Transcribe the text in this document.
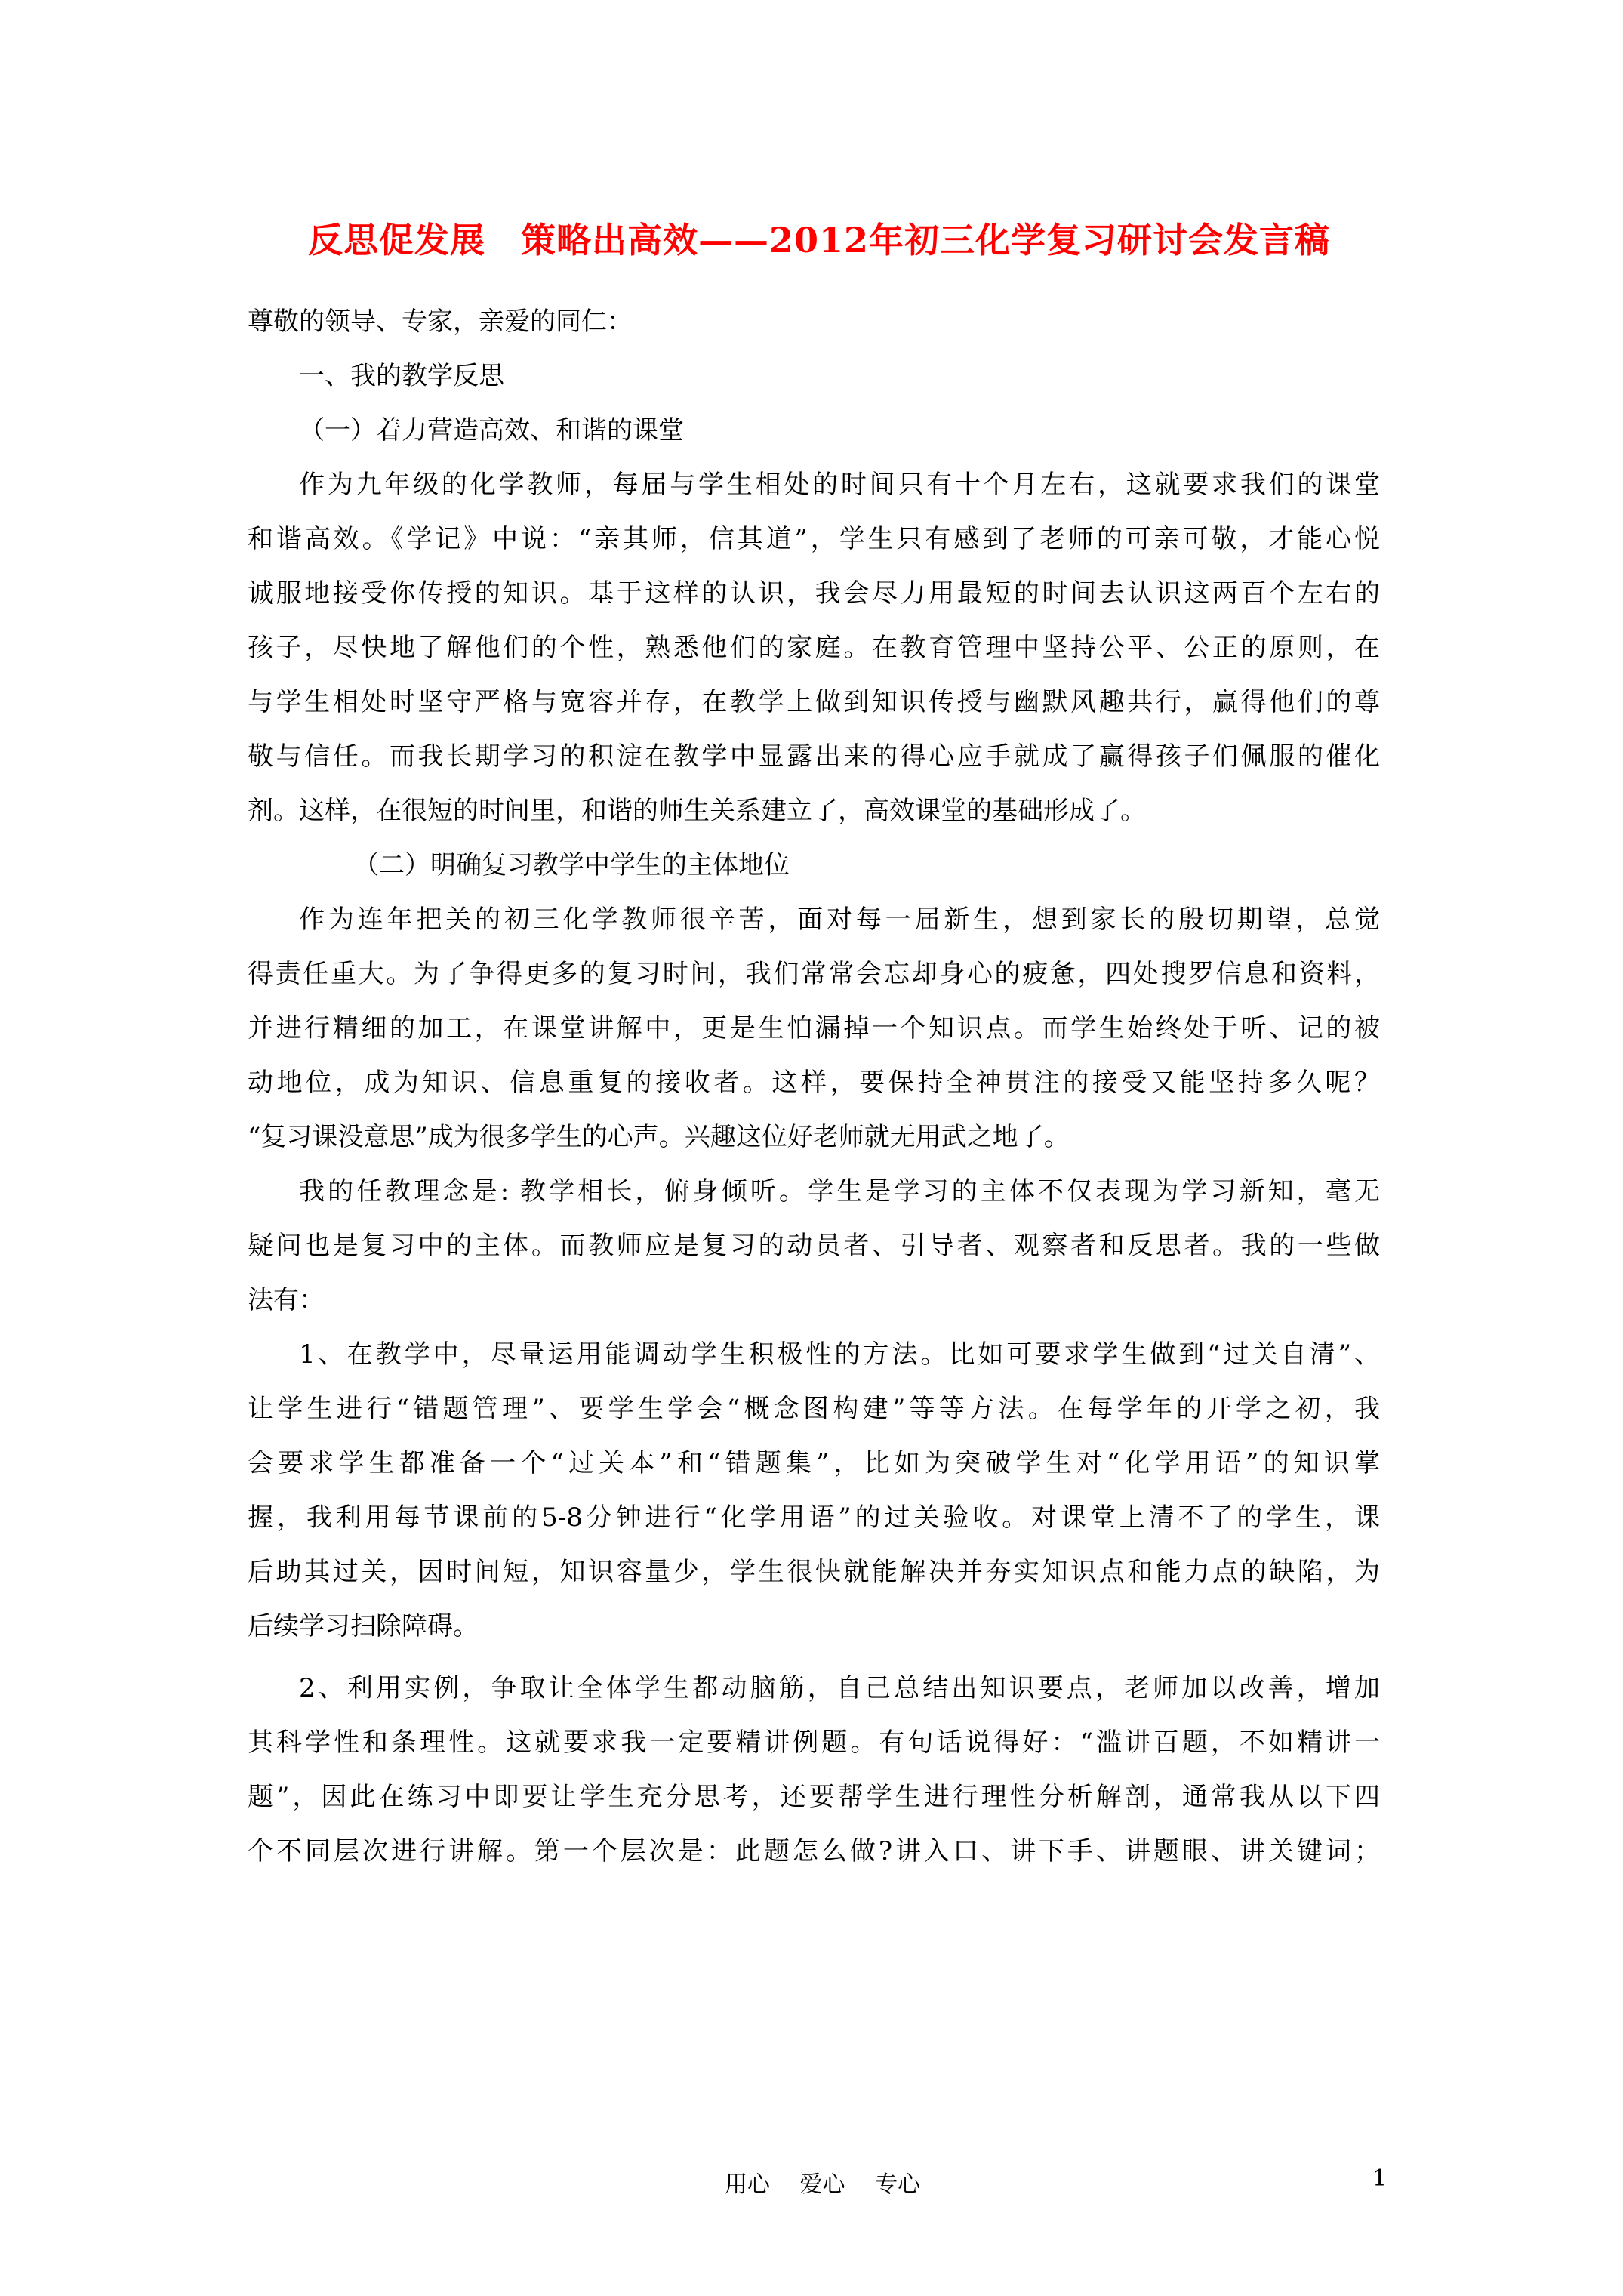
反思促发展　策略出高效——2012年初三化学复习研讨会发言稿
尊敬的领导、专家，亲爱的同仁：
一、我的教学反思
（一）着力营造高效、和谐的课堂
作为九年级的化学教师，每届与学生相处的时间只有十个月左右，这就要求我们的课堂
和谐高效。《学记》中说：“亲其师，信其道”，学生只有感到了老师的可亲可敬，才能心悦
诚服地接受你传授的知识。基于这样的认识，我会尽力用最短的时间去认识这两百个左右的
孩子，尽快地了解他们的个性，熟悉他们的家庭。在教育管理中坚持公平、公正的原则，在
与学生相处时坚守严格与宽容并存，在教学上做到知识传授与幽默风趣共行，赢得他们的尊
敬与信任。而我长期学习的积淀在教学中显露出来的得心应手就成了赢得孩子们佩服的催化
剂。这样，在很短的时间里，和谐的师生关系建立了，高效课堂的基础形成了。
（二）明确复习教学中学生的主体地位
作为连年把关的初三化学教师很辛苦，面对每一届新生，想到家长的殷切期望，总觉
得责任重大。为了争得更多的复习时间，我们常常会忘却身心的疲惫，四处搜罗信息和资料，
并进行精细的加工，在课堂讲解中，更是生怕漏掉一个知识点。而学生始终处于听、记的被
动地位，成为知识、信息重复的接收者。这样，要保持全神贯注的接受又能坚持多久呢？
“复习课没意思”成为很多学生的心声。兴趣这位好老师就无用武之地了。
我的任教理念是: 教学相长，俯身倾听。学生是学习的主体不仅表现为学习新知，毫无
疑问也是复习中的主体。而教师应是复习的动员者、引导者、观察者和反思者。我的一些做
法有：
1、在教学中，尽量运用能调动学生积极性的方法。比如可要求学生做到“过关自清”、
让学生进行“错题管理”、要学生学会“概念图构建”等等方法。在每学年的开学之初，我
会要求学生都准备一个“过关本”和“错题集”，比如为突破学生对“化学用语”的知识掌
握，我利用每节课前的5-8分钟进行“化学用语”的过关验收。对课堂上清不了的学生，课
后助其过关，因时间短，知识容量少，学生很快就能解决并夯实知识点和能力点的缺陷，为
后续学习扫除障碍。
2、利用实例，争取让全体学生都动脑筋，自己总结出知识要点，老师加以改善，增加
其科学性和条理性。这就要求我一定要精讲例题。有句话说得好：“滥讲百题，不如精讲一
题”，因此在练习中即要让学生充分思考，还要帮学生进行理性分析解剖，通常我从以下四
个不同层次进行讲解。第一个层次是：此题怎么做?讲入口、讲下手、讲题眼、讲关键词；
用心　 爱心　 专心	1
